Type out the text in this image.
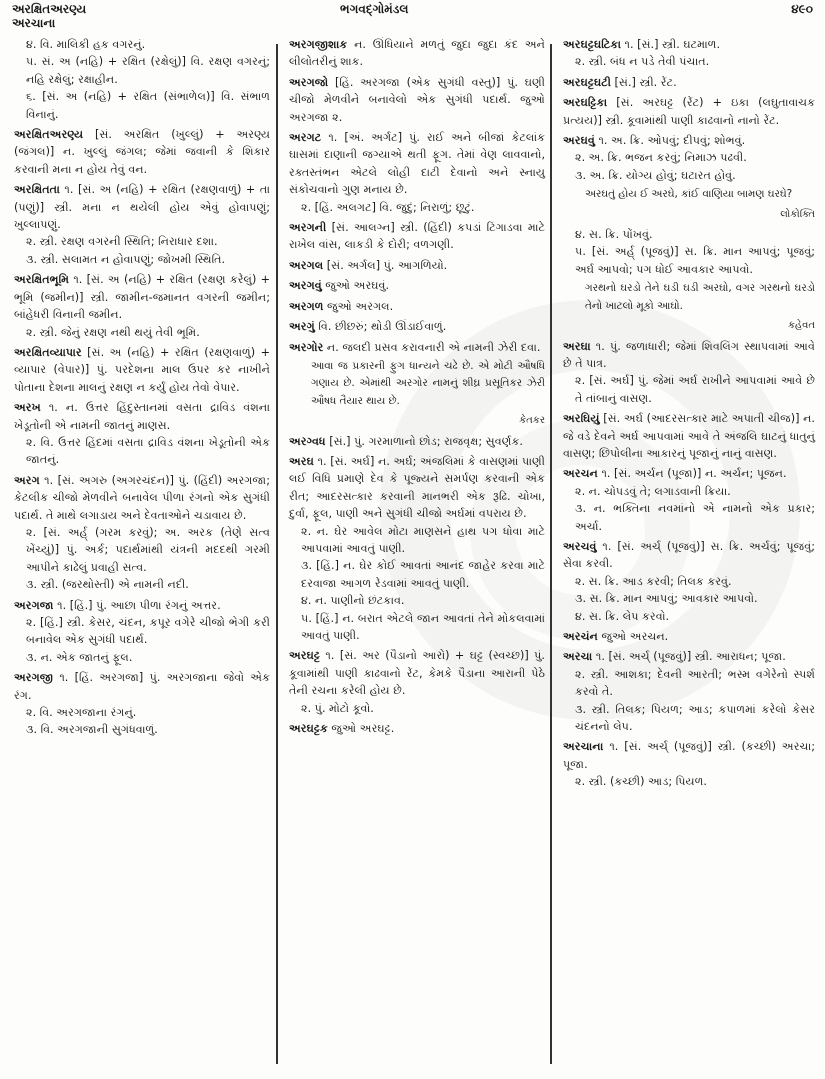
અરક્ષિતઅરણ્ય
અરચાના
ભગવદ્ગોમંડલ	૪૯૦

૪. વિ. માલિકી હક વગરનું.

૫. સં. અ (નહિ) + રક્ષિત (રક્ષેલું)] વિ. રક્ષણ વગરનું; નહિ રક્ષેલું; રક્ષાહીન.

૬. [સં. અ (નહિ) + રક્ષિત (સંભાળેલ)] વિ. સંભાળ વિનાનું.

અરક્ષિતઅરણ્ય [સં. અરક્ષિત (ખુલ્લું) + અરણ્ય (જંગલ)] ન. ખુલ્લું જંગલ; જેમાં જવાની કે શિકાર કરવાની મના ન હોય તેવું વન.

અરક્ષિતતા ૧. [સં. અ (નહિ) + રક્ષિત (રક્ષણવાળું) + તા (પણું)] સ્ત્રી. મના ન થયેલી હોય એવું હોવાપણું; ખુલ્લાપણું.

૨. સ્ત્રી. રક્ષણ વગરની સ્થિતિ; નિરાધાર દશા.

૩. સ્ત્રી. સલામત ન હોવાપણું; જોખમી સ્થિતિ.

અરક્ષિતભૂમિ ૧. [સં. અ (નહિ) + રક્ષિત (રક્ષણ કરેલું) + ભૂમિ (જમીન)] સ્ત્રી. જામીન-જમાનત વગરની જમીન; બાંહેધરી વિનાની જમીન.

૨. સ્ત્રી. જેનું રક્ષણ નથી થયું તેવી ભૂમિ.

અરક્ષિતવ્યાપાર [સં. અ (નહિ) + રક્ષિત (રક્ષણવાળું) + વ્યાપાર (વેપાર)] પું. પરદેશના માલ ઉપર કર નાખીને પોતાના દેશના માલનું રક્ષણ ન કર્યું હોય તેવો વેપાર.

અરખ ૧. ન. ઉત્તર હિંદુસ્તાનમાં વસતા દ્રાવિડ વંશના ખેડૂતોની એ નામની જાતનું માણસ.

૨. વિ. ઉત્તર હિંદમાં વસતા દ્રાવિડ વંશના ખેડૂતોની એક જાતનું.

અરગ ૧. [સં. અગરુ (અગરચંદન)] પું. (હિંદી) અરગજા; કેટલીક ચીજો મેળવીને બનાવેલ પીળા રંગનો એક સુગંધી પદાર્થ. તે માથે લગાડાય અને દેવતાઓને ચડાવાય છે.

૨. [સં. અર્હ્ (ગરમ કરવું); અ. અરક (તેણે સત્વ ખેંચ્યું)] પું. અર્ક; પદાર્થમાંથી યંત્રની મદદથી ગરમી આપીને કાઢેલું પ્રવાહી સત્વ.

૩. સ્ત્રી. (જરથોસ્તી) એ નામની નદી.

અરગજા ૧. [હિં.] પું. આછા પીળા રંગનું અત્તર.

૨. [હિં.] સ્ત્રી. કેસર, ચંદન, કપૂર વગેરે ચીજો ભેગી કરી બનાવેલ એક સુગંધી પદાર્થ.

૩. ન. એક જાતનું ફૂલ.

અરગજી ૧. [હિં. અરગજા] પું. અરગજાના જેવો એક રંગ.

૨. વિ. અરગજાના રંગનું.

૩. વિ. અરગજાની સુગંધવાળું.

અરગજીશાક ન. ઊંધિયાને મળતું જુદા જુદા કંદ અને લીલોતરીનું શાક.

અરગજો [હિં. અરગજા (એક સુગંધી વસ્તુ)] પું. ઘણી ચીજો મેળવીને બનાવેલો એક સુગંધી પદાર્થ. જુઓ અરગજા ૨.

અરગટ ૧. [અં. અર્ગટ] પું. રાઈ અને બીજાં કેટલાંક ઘાસમાં દાણાની જગ્યાએ થતી ફૂગ. તેમાં વેણ લાવવાનો, રક્તસ્તંભન એટલે લોહી દાટી દેવાનો અને સ્નાયુ સંકોચવાનો ગુણ મનાય છે.

૨. [હિં. અલગટ] વિ. જુદું; નિરાળું; છૂટું.

અરગની [સં. આલગ્ન] સ્ત્રી. (હિંદી) કપડાં ટિંગાડવા માટે રાખેલ વાંસ, લાકડી કે દોરી; વળગણી.

અરગલ [સં. અર્ગલ] પું. આગળિયો.

અરગવું જુઓ અરઘવું.

અરગળ જુઓ અરગલ.

અરગું વિ. છીછરું; થોડી ઊંડાઈવાળું.

અરગોર ન. જલદી પ્રસવ કરાવનારી એ નામની ઝેરી દવા.

આવા જ પ્રકારની ફુગ ધાન્યને ચઢે છે. એ મોટી ઔષધિ ગણાય છે. એમાંથી અરગોર નામનું શીઘ્ર પ્રસૂતિકર ઝેરી ઔષધ તૈયાર થાય છે.
કેતકર

અરગ્વધ [સં.] પું. ગરમાળાનો છોડ; રાજવૃક્ષ; સુવર્ણક.

અરઘ ૧. [સં. અર્ઘ] ન. અર્ઘ; અંજલિમાં કે વાસણમાં પાણી લઈ વિધિ પ્રમાણે દેવ કે પૂજ્યને સમર્પણ કરવાની એક રીત; આદરસત્કાર કરવાની માનભરી એક રૂઢિ. ચોખા, દુર્વા, ફૂલ, પાણી અને સુગંધી ચીજો અર્ઘમાં વપરાય છે.

૨. ન. ઘેર આવેલ મોટા માણસને હાથ પગ ધોવા માટે આપવામાં આવતું પાણી.

૩. [હિં.] ન. ઘેર કોઈ આવતાં આનંદ જાહેર કરવા માટે દરવાજા આગળ રેડવામાં આવતું પાણી.

૪. ન. પાણીનો છંટકાવ.

૫. [હિં.] ન. બરાત એટલે જાન આવતાં તેને મોકલવામાં આવતું પાણી.

અરઘટ્ટ ૧. [સં. અર (પૈડાનો આરો) + ઘટ્ટ (સ્વચ્છ)] પું. કૂવામાંથી પાણી કાઢવાનો રેંટ, કેમકે પૈડાના આરાની પેઠે તેની રચના કરેલી હોય છે.

૨. પું. મોટો કૂવો.

અરઘટ્ટક જુઓ અરઘટ્ટ.

અરઘટ્ટઘટિકા ૧. [સં.] સ્ત્રી. ઘટમાળ.

૨. સ્ત્રી. બંધ ન પડે તેવી પંચાત.

અરઘટ્ટઘટી [સં.] સ્ત્રી. રેંટ.

અરઘટ્ટિકા [સં. અરઘટ્ટ (રેંટ) + ઇકા (લઘુતાવાચક પ્રત્યય)] સ્ત્રી. કૂવામાંથી પાણી કાઢવાનો નાનો રેંટ.

અરઘવું ૧. અ. ક્રિ. ઓપવું; દીપવું; શોભવું.

૨. અ. ક્રિ. ભજન કરવું; નિમાઝ પઢવી.

૩. અ. ક્રિ. યોગ્ય હોવું; ઘટારત હોવું.

અરઘતું હોય ઈ અરઘે, કાંઈ વાણિયા બામણ ઘરઘે?
લોકોક્તિ

૪. સ. ક્રિ. પોંખવું.

૫. [સં. અર્હ્ (પૂજવું)] સ. ક્રિ. માન આપવું; પૂજવું; અર્ઘ આપવો; પગ ધોઈ આવકાર આપવો.

ગરથનો ઘરડો તેને ઘડી ઘડી અરઘો, વગર ગરથનો ઘરડો તેનો ખાટલો મૂકો આઘો.
કહેવત

અરઘા ૧. પું. જળાધારી; જેમાં શિવલિંગ સ્થાપવામાં આવે છે તે પાત્ર.

૨. [સં. અર્ઘ] પું. જેમાં અર્ઘ રાખીને આપવામાં આવે છે તે તાંબાનું વાસણ.

અરઘિયું [સં. અર્ઘ (આદરસત્કાર માટે અપાતી ચીજ)] ન. જે વડે દેવને અર્ઘ આપવામાં આવે તે અંજલિ ઘાટનું ધાતુનું વાસણ; છિપોલીના આકારનું પૂજાનું નાનું વાસણ.

અરચન ૧. [સં. અર્ચન (પૂજા)] ન. અર્ચન; પૂજન.

૨. ન. ચોપડવું તે; લગાડવાની ક્રિયા.

૩. ન. ભક્તિના નવમાંનો એ નામનો એક પ્રકાર; અર્ચા.

અરચવું ૧. [સં. અર્ચ્ (પૂજવું)] સ. ક્રિ. અર્ચવું; પૂજવું; સેવા કરવી.

૨. સ. ક્રિ. આડ કરવી; તિલક કરવું.

૩. સ. ક્રિ. માન આપવું; આવકાર આપવો.

૪. સ. ક્રિ. લેપ કરવો.

અરચંન જુઓ અરચન.

અરચા ૧. [સં. અર્ચ્ (પૂજવું)] સ્ત્રી. આરાધન; પૂજા.

૨. સ્ત્રી. આશકા; દેવની આરતી; ભસ્મ વગેરેનો સ્પર્શ કરવો તે.

૩. સ્ત્રી. તિલક; પિયળ; આડ; કપાળમાં કરેલો કેસર ચંદનનો લેપ.

અરચાના ૧. [સં. અર્ચ્ (પૂજવું)] સ્ત્રી. (કચ્છી) અરચા; પૂજા.

૨. સ્ત્રી. (કચ્છી) આડ; પિયળ.
